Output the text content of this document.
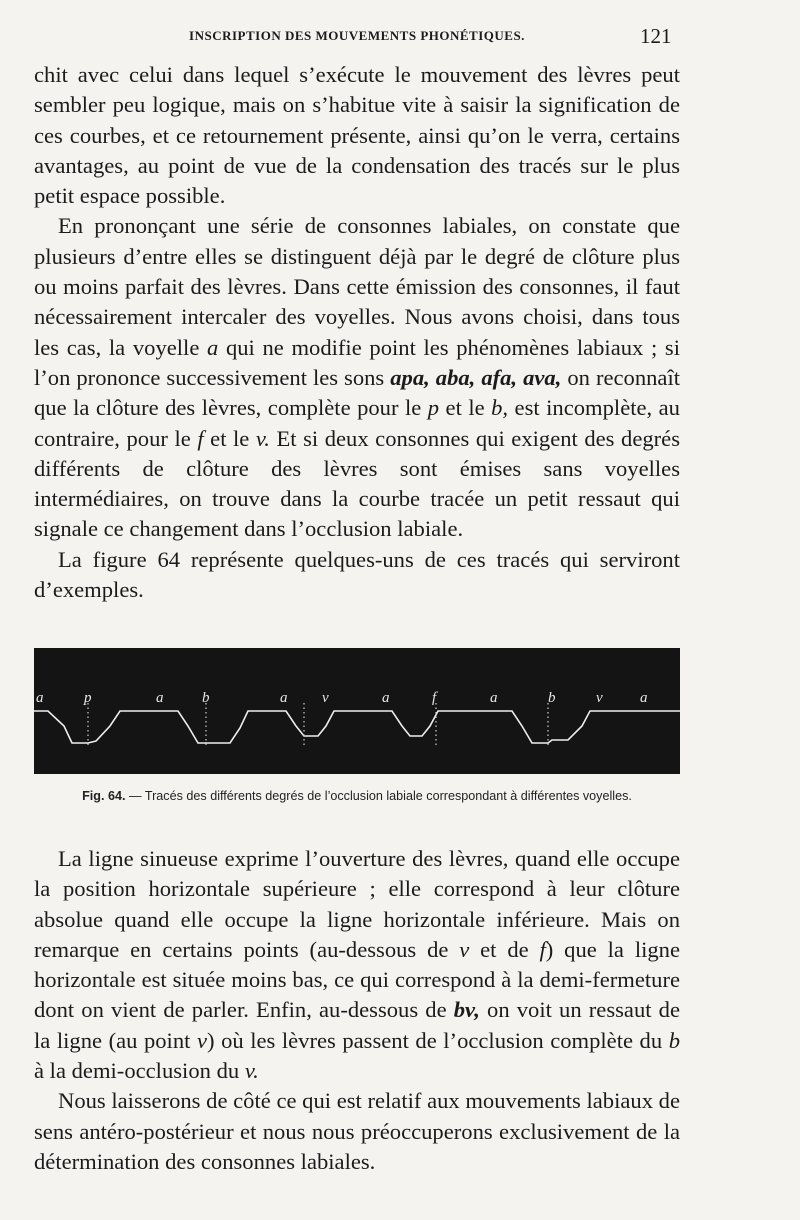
INSCRIPTION DES MOUVEMENTS PHONÉTIQUES.	121

chit avec celui dans lequel s’exécute le mouvement des lèvres peut sembler peu logique, mais on s’habitue vite à saisir la signification de ces courbes, et ce retournement présente, ainsi qu’on le verra, certains avantages, au point de vue de la condensation des tracés sur le plus petit espace possible.

En prononçant une série de consonnes labiales, on constate que plusieurs d’entre elles se distinguent déjà par le degré de clôture plus ou moins parfait des lèvres. Dans cette émission des consonnes, il faut nécessairement intercaler des voyelles. Nous avons choisi, dans tous les cas, la voyelle a qui ne modifie point les phénomènes labiaux ; si l’on prononce successivement les sons apa, aba, afa, ava, on reconnaît que la clôture des lèvres, complète pour le p et le b, est incomplète, au contraire, pour le f et le v. Et si deux consonnes qui exigent des degrés différents de clôture des lèvres sont émises sans voyelles intermédiaires, on trouve dans la courbe tracée un petit ressaut qui signale ce changement dans l’occlusion labiale.

La figure 64 représente quelques-uns de ces tracés qui serviront d’exemples.

a	p	a	b	a v	a	f	a	b	v a
Fig. 64. — Tracés des différents degrés de l’occlusion labiale correspondant à différentes voyelles.

La ligne sinueuse exprime l’ouverture des lèvres, quand elle occupe la position horizontale supérieure ; elle correspond à leur clôture absolue quand elle occupe la ligne horizontale inférieure. Mais on remarque en certains points (au-dessous de v et de f) que la ligne horizontale est située moins bas, ce qui correspond à la demi-fermeture dont on vient de parler. Enfin, au-dessous de bv, on voit un ressaut de la ligne (au point v) où les lèvres passent de l’occlusion complète du b à la demi-occlusion du v.

Nous laisserons de côté ce qui est relatif aux mouvements labiaux de sens antéro-postérieur et nous nous préoccuperons exclusivement de la détermination des consonnes labiales.
